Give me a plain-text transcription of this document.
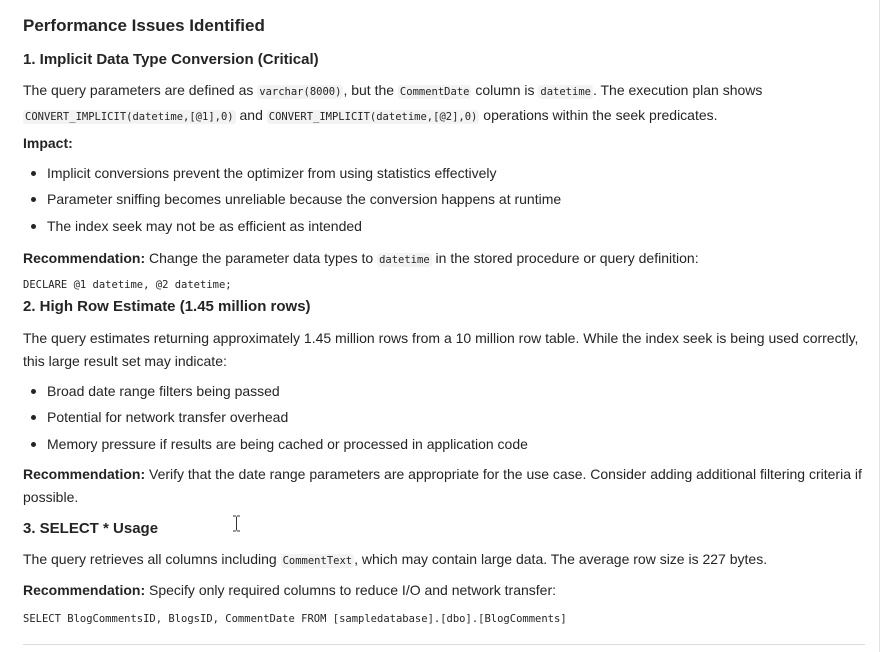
Performance Issues Identified
1. Implicit Data Type Conversion (Critical)

The query parameters are defined as varchar(8000) , but the CommentDate column is datetime . The execution plan shows
CONVERT_IMPLICIT(datetime,[@1],0) and CONVERT_IMPLICIT(datetime,[@2],0) operations within the seek predicates.

Impact:
Implicit conversions prevent the optimizer from using statistics effectively
Parameter sniffing becomes unreliable because the conversion happens at runtime
The index seek may not be as efficient as intended

Recommendation: Change the parameter data types to datetime in the stored procedure or query definition:

DECLARE @1 datetime, @2 datetime;
2. High Row Estimate (1.45 million rows)

The query estimates returning approximately 1.45 million rows from a 10 million row table. While the index seek is being used correctly, this large result set may indicate:

Broad date range filters being passed
Potential for network transfer overhead
Memory pressure if results are being cached or processed in application code

Recommendation: Verify that the date range parameters are appropriate for the use case. Consider adding additional filtering criteria if possible.

3. SELECT * Usage

The query retrieves all columns including CommentText , which may contain large data. The average row size is 227 bytes.

Recommendation: Specify only required columns to reduce I/O and network transfer:

SELECT BlogCommentsID, BlogsID, CommentDate FROM [sampledatabase].[dbo].[BlogComments]
